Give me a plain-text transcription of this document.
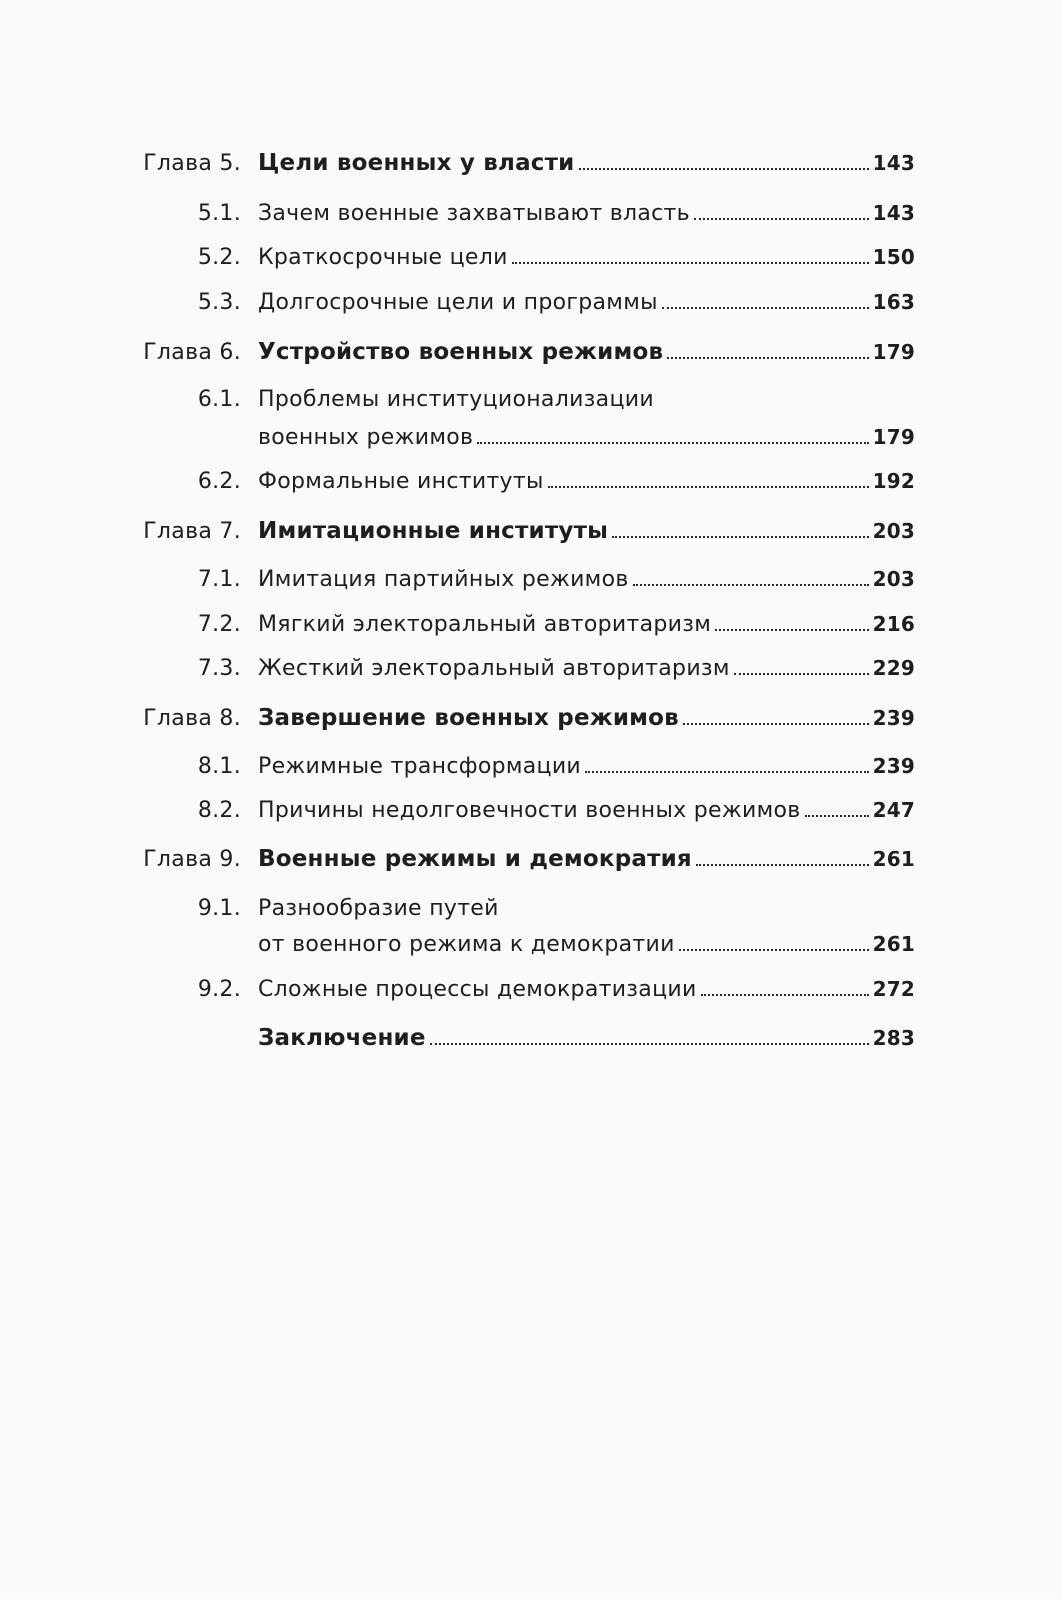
Глава 5. Цели военных у власти	143
5.1. Зачем военные захватывают власть	143
5.2. Краткосрочные цели	150
5.3. Долгосрочные цели и программы	163
Глава 6. Устройство военных режимов	179
6.1. Проблемы институционализации
военных режимов	179
6.2. Формальные институты	192
Глава 7. Имитационные институты	203
7.1. Имитация партийных режимов	203
7.2. Мягкий электоральный авторитаризм	216
7.3. Жесткий электоральный авторитаризм	229
Глава 8. Завершение военных режимов	239
8.1. Режимные трансформации	239
8.2. Причины недолговечности военных режимов	247
Глава 9. Военные режимы и демократия	261
9.1. Разнообразие путей
от военного режима к демократии	261
9.2. Сложные процессы демократизации	272
Заключение	283
